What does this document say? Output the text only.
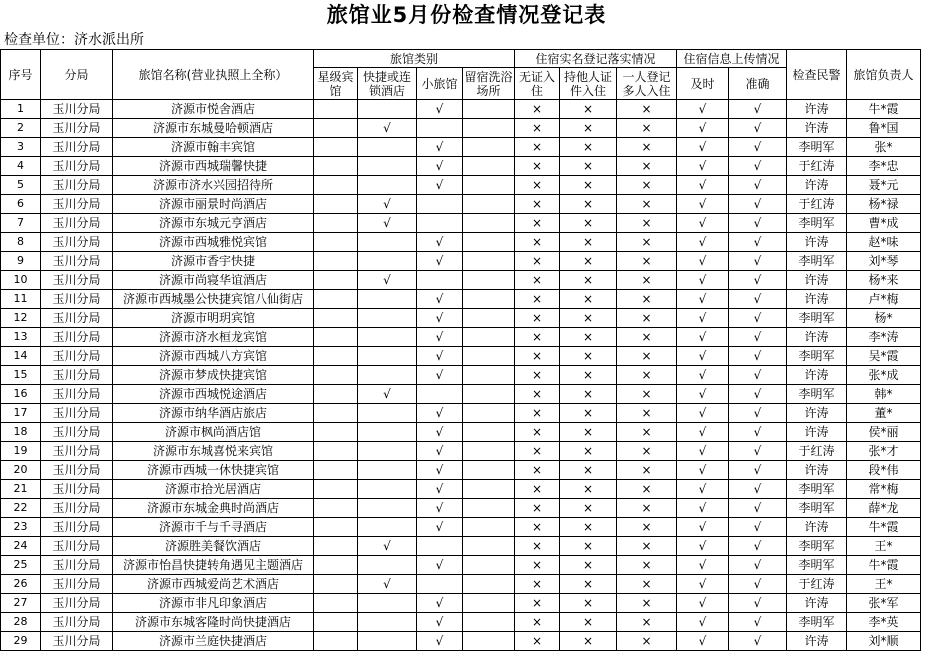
旅馆业5月份检查情况登记表
检查单位：济水派出所
序号	分局	旅馆名称(营业执照上全称）	旅馆类别				住宿实名登记落实情况			住宿信息上传情况		检查民警	旅馆负责人
			星级宾馆	快捷或连锁酒店	小旅馆	留宿洗浴场所	无证入住	持他人证件入住	一人登记多人入住	及时	准确		
1	玉川分局	济源市悦舍酒店			√		×	×	×	√	√	许涛	牛*霞
2	玉川分局	济源市东城曼哈顿酒店		√			×	×	×	√	√	许涛	鲁*国
3	玉川分局	济源市翰丰宾馆			√		×	×	×	√	√	李明军	张*
4	玉川分局	济源市西城瑞馨快捷			√		×	×	×	√	√	于红涛	李*忠
5	玉川分局	济源市济水兴园招待所			√		×	×	×	√	√	许涛	聂*元
6	玉川分局	济源市丽景时尚酒店		√			×	×	×	√	√	于红涛	杨*禄
7	玉川分局	济源市东城元亨酒店		√			×	×	×	√	√	李明军	曹*成
8	玉川分局	济源市西城雅悦宾馆			√		×	×	×	√	√	许涛	赵*味
9	玉川分局	济源市香宇快捷			√		×	×	×	√	√	李明军	刘*琴
10	玉川分局	济源市尚寝华谊酒店		√			×	×	×	√	√	许涛	杨*来
11	玉川分局	济源市西城墨公快捷宾馆八仙街店			√		×	×	×	√	√	许涛	卢*梅
12	玉川分局	济源市明玥宾馆			√		×	×	×	√	√	李明军	杨*
13	玉川分局	济源市济水桓龙宾馆			√		×	×	×	√	√	许涛	李*涛
14	玉川分局	济源市西城八方宾馆			√		×	×	×	√	√	李明军	吴*霞
15	玉川分局	济源市梦成快捷宾馆			√		×	×	×	√	√	许涛	张*成
16	玉川分局	济源市西城悦途酒店		√			×	×	×	√	√	李明军	韩*
17	玉川分局	济源市纳华酒店旅店			√		×	×	×	√	√	许涛	董*
18	玉川分局	济源市枫尚酒店馆			√		×	×	×	√	√	许涛	侯*丽
19	玉川分局	济源市东城喜悦来宾馆			√		×	×	×	√	√	于红涛	张*才
20	玉川分局	济源市西城一休快捷宾馆			√		×	×	×	√	√	许涛	段*伟
21	玉川分局	济源市拾光居酒店			√		×	×	×	√	√	李明军	常*梅
22	玉川分局	济源市东城金典时尚酒店			√		×	×	×	√	√	李明军	薛*龙
23	玉川分局	济源市千与千寻酒店			√		×	×	×	√	√	许涛	牛*霞
24	玉川分局	济源胜美餐饮酒店		√			×	×	×	√	√	李明军	王*
25	玉川分局	济源市怡昌快捷转角遇见主题酒店			√		×	×	×	√	√	李明军	牛*霞
26	玉川分局	济源市西城爱尚艺术酒店		√			×	×	×	√	√	于红涛	王*
27	玉川分局	济源市非凡印象酒店			√		×	×	×	√	√	许涛	张*军
28	玉川分局	济源市东城客隆时尚快捷酒店			√		×	×	×	√	√	李明军	李*英
29	玉川分局	济源市兰庭快捷酒店			√		×	×	×	√	√	许涛	刘*顺
